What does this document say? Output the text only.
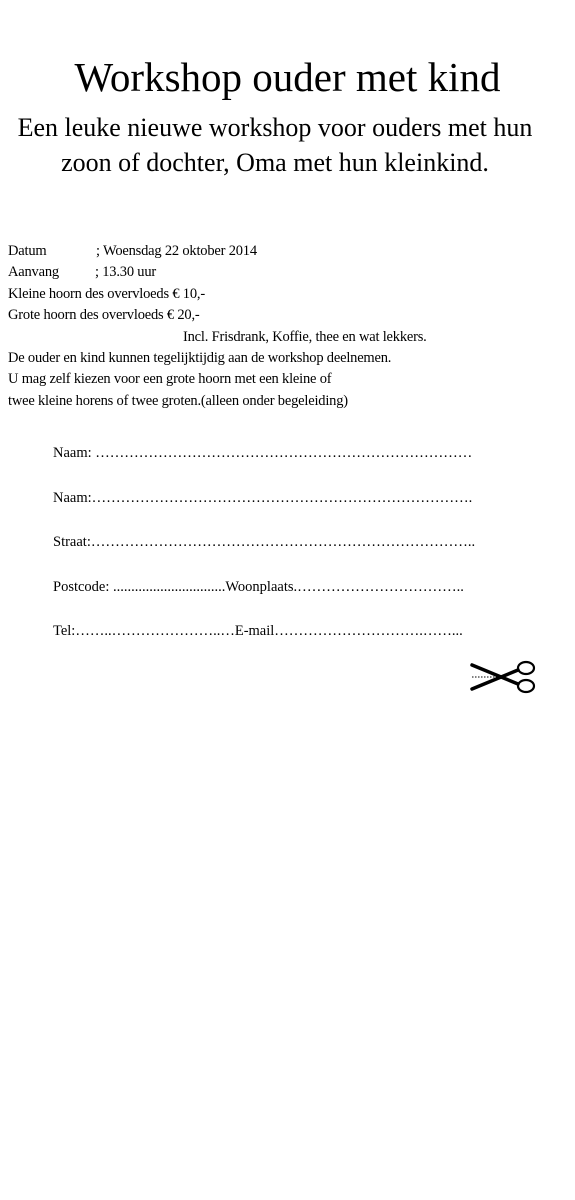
Workshop ouder met kind
Een leuke nieuwe workshop voor ouders met hun zoon of dochter, Oma met hun kleinkind.
Datum	; Woensdag 22 oktober 2014
Aanvang ; 13.30 uur
Kleine hoorn des overvloeds € 10,-
Grote hoorn des overvloeds € 20,-
Incl. Frisdrank, Koffie, thee en wat lekkers.
De ouder en kind kunnen tegelijktijdig aan de workshop deelnemen.
U mag zelf kiezen voor een grote hoorn met een kleine of
twee kleine horens of twee groten.(alleen onder begeleiding)
Naam: ……………………………………………………………………
Naam:…………………………………………………………………….
Straat:……………………………………………………………………..
Postcode: ...............................Woonplaats.……………………………..
Tel:……..…………………..…E-mail………………………….……...
